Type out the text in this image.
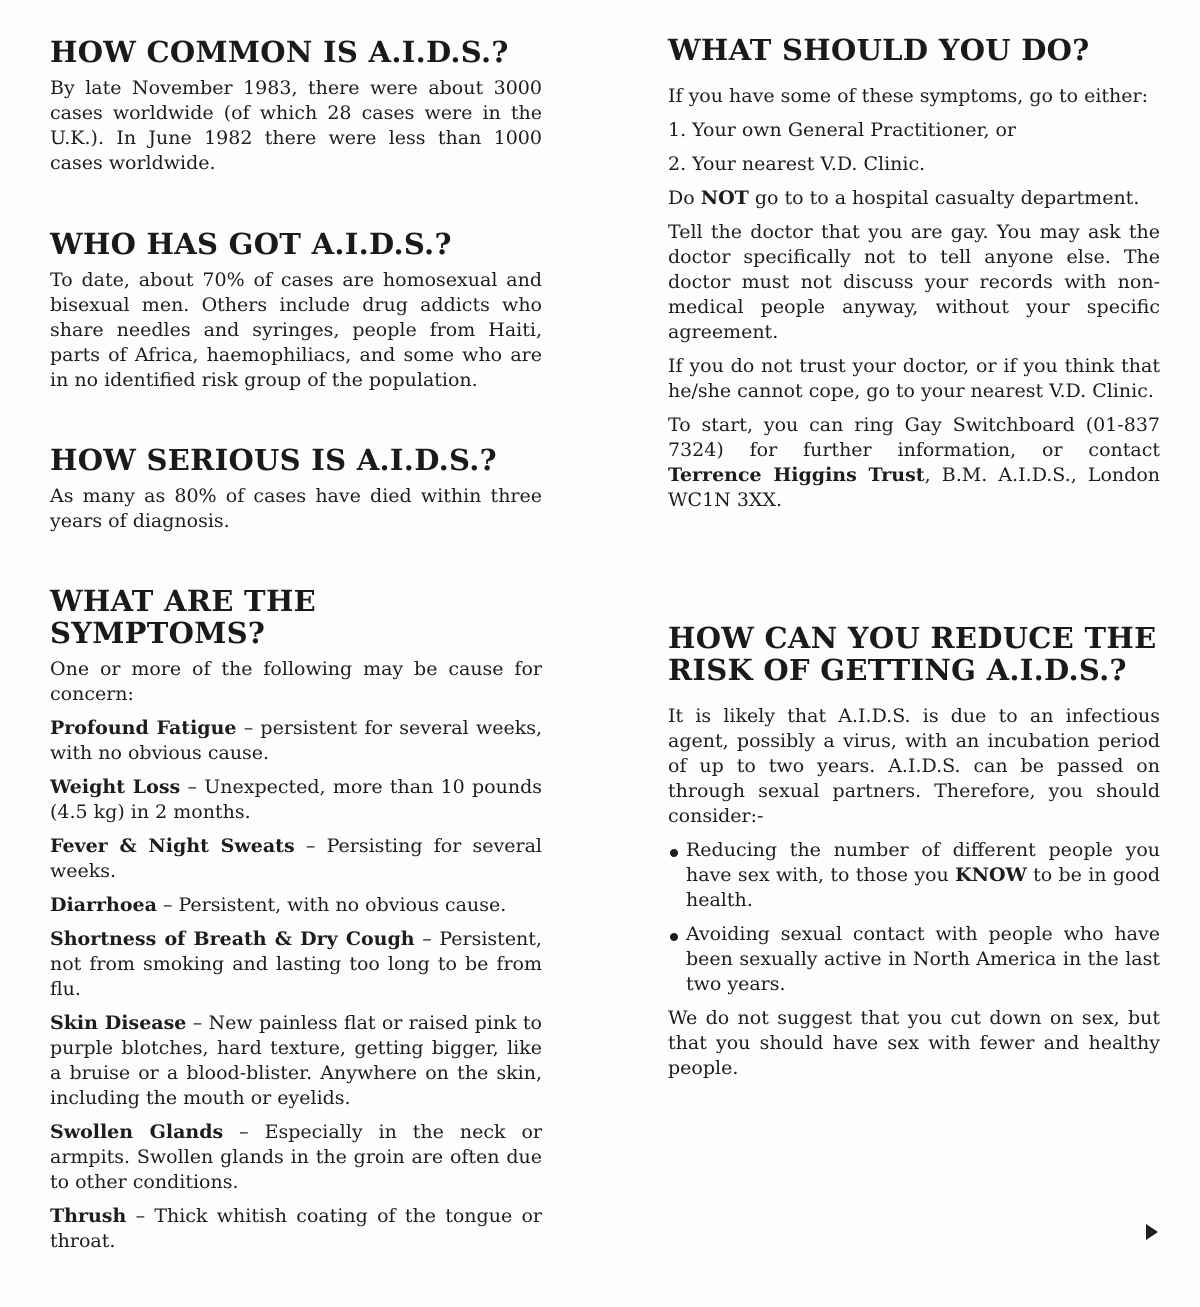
HOW COMMON IS A.I.D.S.?

By late November 1983, there were about 3000 cases worldwide (of which 28 cases were in the U.K.). In June 1982 there were less than 1000 cases worldwide.

WHO HAS GOT A.I.D.S.?

To date, about 70% of cases are homosexual and bisexual men. Others include drug addicts who share needles and syringes, people from Haiti, parts of Africa, haemophiliacs, and some who are in no identified risk group of the population.

HOW SERIOUS IS A.I.D.S.?

As many as 80% of cases have died within three years of diagnosis.

WHAT ARE THE SYMPTOMS?

One or more of the following may be cause for concern:

Profound Fatigue – persistent for several weeks, with no obvious cause.

Weight Loss – Unexpected, more than 10 pounds (4.5 kg) in 2 months.

Fever & Night Sweats – Persisting for several weeks.

Diarrhoea – Persistent, with no obvious cause.

Shortness of Breath & Dry Cough – Persistent, not from smoking and lasting too long to be from flu.

Skin Disease – New painless flat or raised pink to purple blotches, hard texture, getting bigger, like a bruise or a blood-blister. Anywhere on the skin, including the mouth or eyelids.

Swollen Glands – Especially in the neck or armpits. Swollen glands in the groin are often due to other conditions.

Thrush – Thick whitish coating of the tongue or throat.

WHAT SHOULD YOU DO?

If you have some of these symptoms, go to either:

1. Your own General Practitioner, or

2. Your nearest V.D. Clinic.

Do NOT go to to a hospital casualty department.

Tell the doctor that you are gay. You may ask the doctor specifically not to tell anyone else. The doctor must not discuss your records with non-medical people anyway, without your specific agreement.

If you do not trust your doctor, or if you think that he/she cannot cope, go to your nearest V.D. Clinic.

To start, you can ring Gay Switchboard (01-837 7324) for further information, or contact Terrence Higgins Trust, B.M. A.I.D.S., London WC1N 3XX.

HOW CAN YOU REDUCE THE RISK OF GETTING A.I.D.S.?

It is likely that A.I.D.S. is due to an infectious agent, possibly a virus, with an incubation period of up to two years. A.I.D.S. can be passed on through sexual partners. Therefore, you should consider:-

Reducing the number of different people you have sex with, to those you KNOW to be in good health.
Avoiding sexual contact with people who have been sexually active in North America in the last two years.

We do not suggest that you cut down on sex, but that you should have sex with fewer and healthy people.
